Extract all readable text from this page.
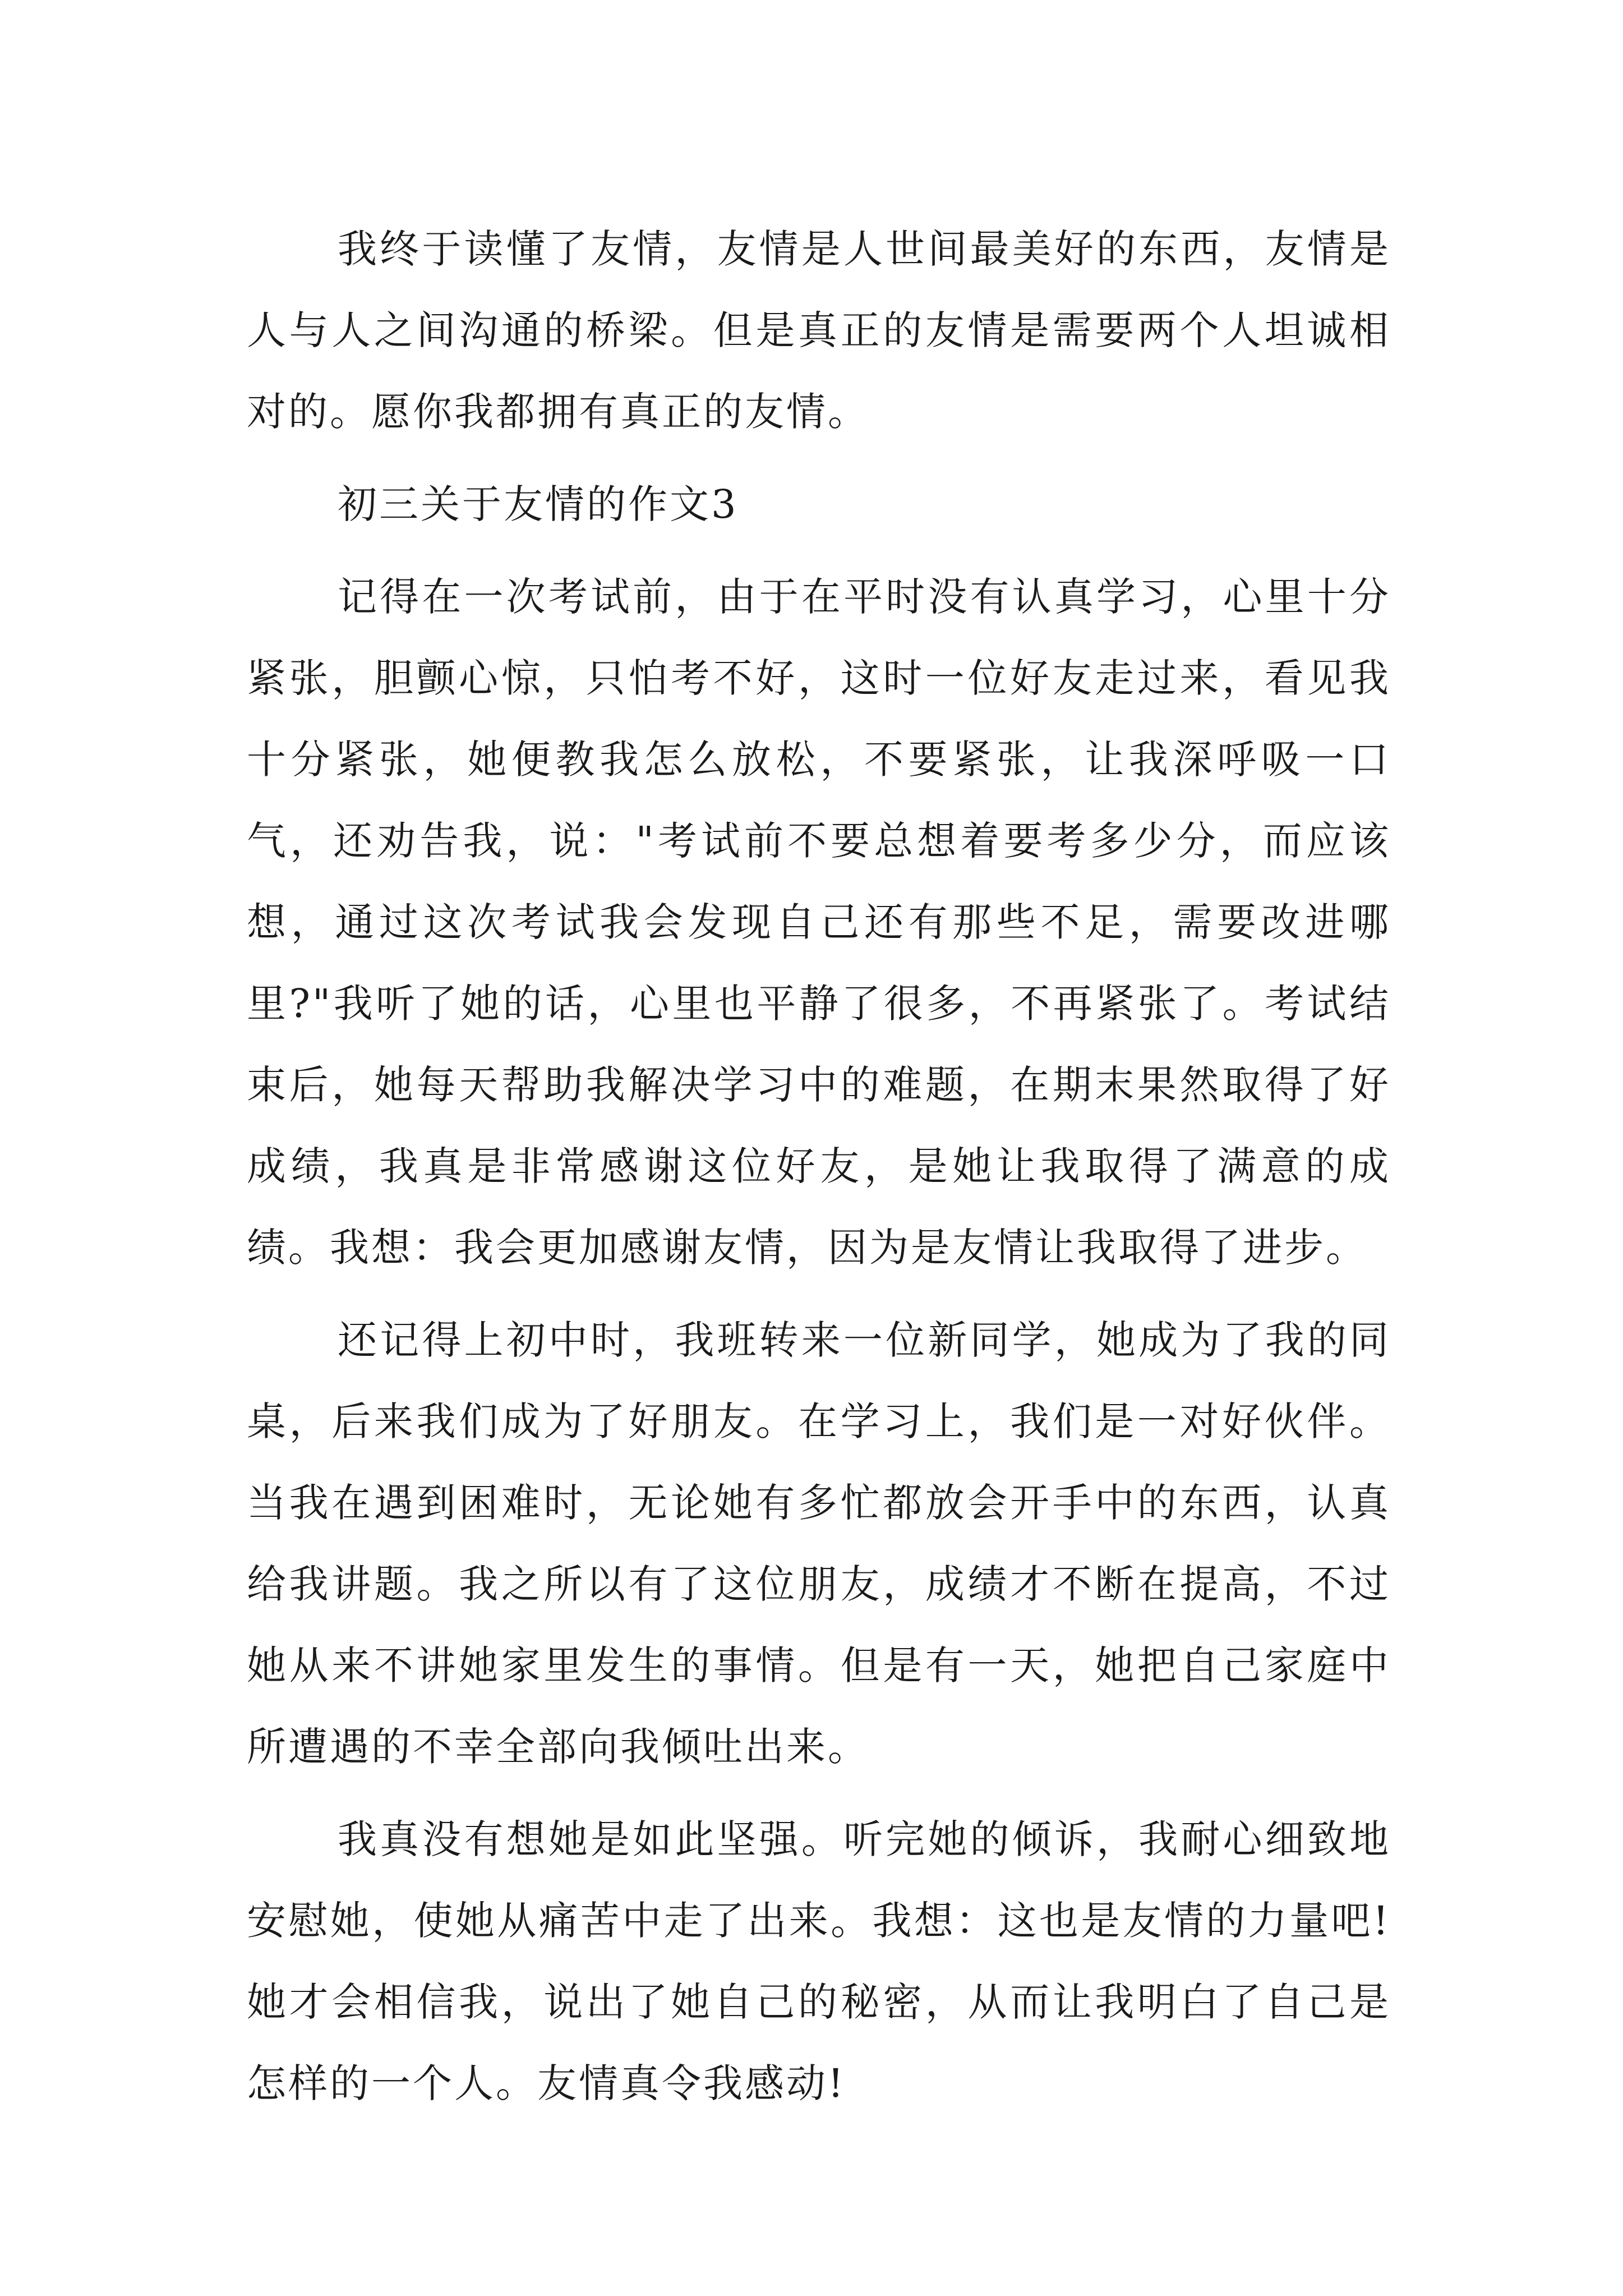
我终于读懂了友情，友情是人世间最美好的东西，友情是人与人之间沟通的桥梁。但是真正的友情是需要两个人坦诚相对的。愿你我都拥有真正的友情。

初三关于友情的作文3

记得在一次考试前，由于在平时没有认真学习，心里十分紧张，胆颤心惊，只怕考不好，这时一位好友走过来，看见我十分紧张，她便教我怎么放松，不要紧张，让我深呼吸一口气，还劝告我，说："考试前不要总想着要考多少分，而应该想，通过这次考试我会发现自己还有那些不足，需要改进哪里?"我听了她的话，心里也平静了很多，不再紧张了。考试结束后，她每天帮助我解决学习中的难题，在期末果然取得了好成绩，我真是非常感谢这位好友，是她让我取得了满意的成绩。我想：我会更加感谢友情，因为是友情让我取得了进步。

还记得上初中时，我班转来一位新同学，她成为了我的同桌，后来我们成为了好朋友。在学习上，我们是一对好伙伴。当我在遇到困难时，无论她有多忙都放会开手中的东西，认真给我讲题。我之所以有了这位朋友，成绩才不断在提高，不过她从来不讲她家里发生的事情。但是有一天，她把自己家庭中所遭遇的不幸全部向我倾吐出来。

我真没有想她是如此坚强。听完她的倾诉，我耐心细致地安慰她，使她从痛苦中走了出来。我想：这也是友情的力量吧!她才会相信我，说出了她自己的秘密，从而让我明白了自己是怎样的一个人。友情真令我感动!
